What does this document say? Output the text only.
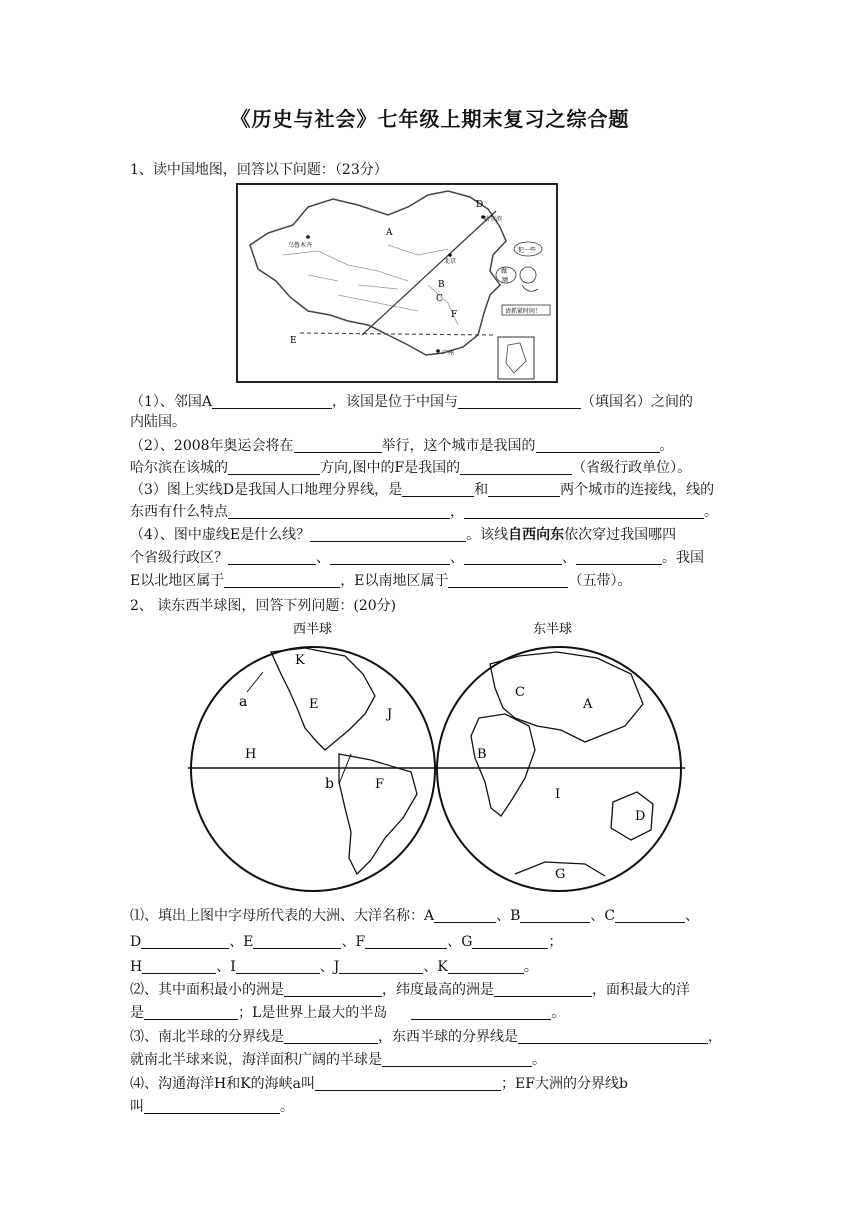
《历史与社会》七年级上期末复习之综合题
1、读中国地图，回答以下问题：（23分）
A
B
C
D
E
F
乌鲁木齐
哈尔滨
北京
广州
犯一些
做
额
请抓紧时间！
（1）、邻国A	，该国是位于中国与	（填国名）之间的
内陆国。
（2）、2008年奥运会将在	举行，这个城市是我国的	。
哈尔滨在该城的	方向,图中的F是我国的	（省级行政单位）。
（3）图上实线D是我国人口地理分界线，是	和	两个城市的连接线，线的
东西有什么特点	，	。
（4）、图中虚线E是什么线？	。该线自西向东依次穿过我国哪四
个省级行政区？	、	、	、	。我国
E以北地区属于	，E以南地区属于	（五带）。
2、 读东西半球图，回答下列问题：(20分)
西半球	东半球
K
a	E
J
H
b	F
C
A
B
I
D
G
⑴、填出上图中字母所代表的大洲、大洋名称：A	、B	、C	、
D	、E	、F	、G	；
H	、I	、J	、K	。
⑵、其中面积最小的洲是	，纬度最高的洲是	，面积最大的洋
是	；L是世界上最大的半岛	。
⑶、南北半球的分界线是	，东西半球的分界线是	，
就南北半球来说，海洋面积广阔的半球是	。
⑷、沟通海洋H和K的海峡a叫	；EF大洲的分界线b
叫	。
